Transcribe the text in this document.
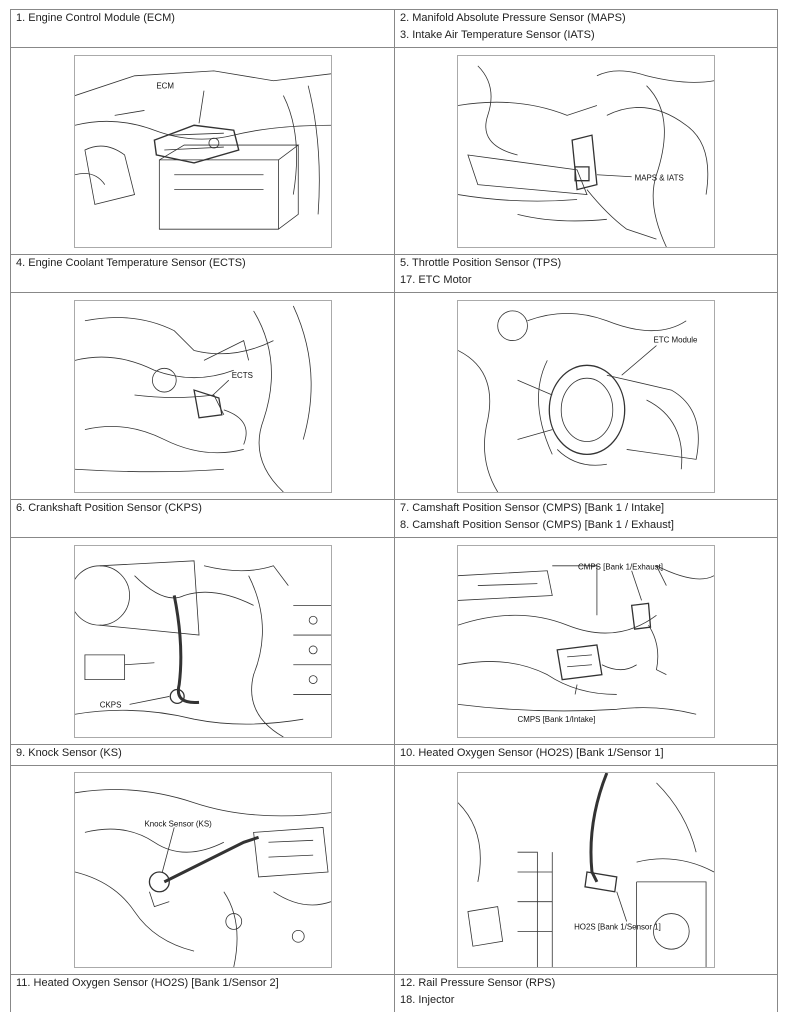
1. Engine Control Module (ECM)	2. Manifold Absolute Pressure Sensor (MAPS)
3. Intake Air Temperature Sensor (IATS)
ECM
MAPS & IATS
4. Engine Coolant Temperature Sensor (ECTS)	5. Throttle Position Sensor (TPS)
17. ETC Motor
ECTS
ETC Module
6. Crankshaft Position Sensor (CKPS)	7. Camshaft Position Sensor (CMPS) [Bank 1 / Intake]
8. Camshaft Position Sensor (CMPS) [Bank 1 / Exhaust]
CKPS
CMPS [Bank 1/Exhaust]
CMPS [Bank 1/Intake]
9. Knock Sensor (KS)	10. Heated Oxygen Sensor (HO2S) [Bank 1/Sensor 1]
Knock Sensor (KS)
HO2S [Bank 1/Sensor 1]
11. Heated Oxygen Sensor (HO2S) [Bank 1/Sensor 2]	12. Rail Pressure Sensor (RPS)
18. Injector
